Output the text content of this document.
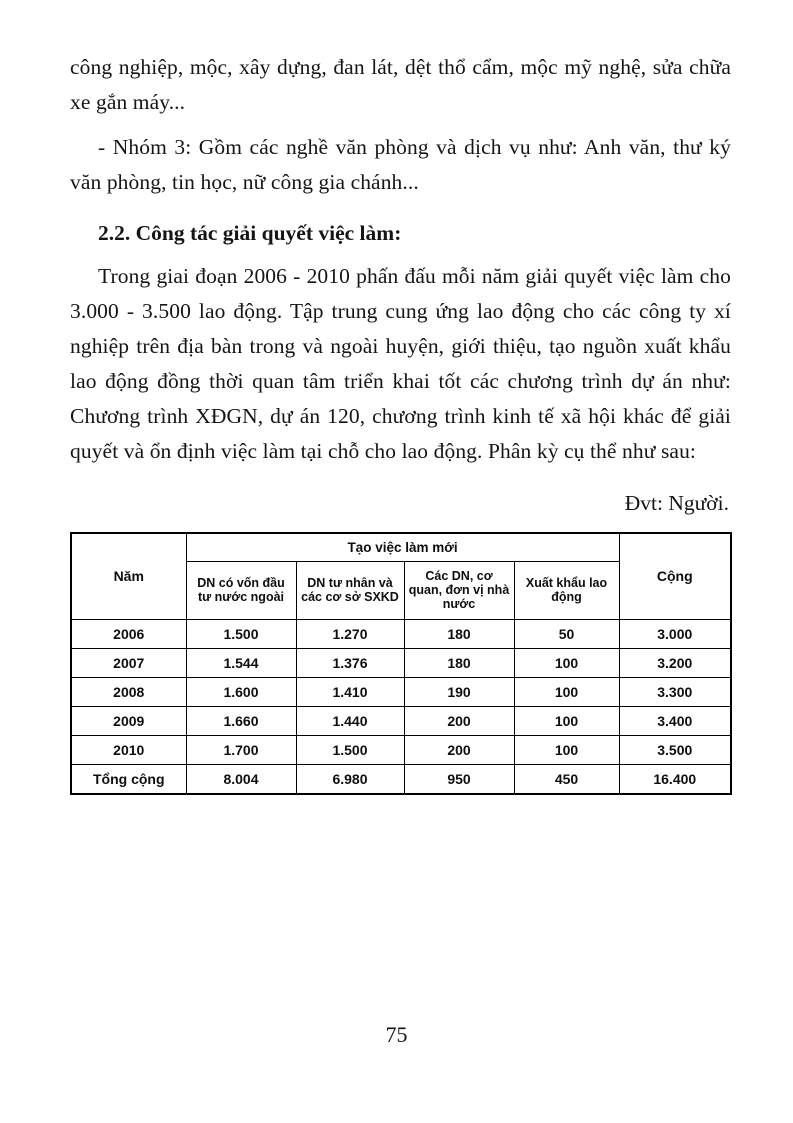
công nghiệp, mộc, xây dựng, đan lát, dệt thổ cẩm, mộc mỹ nghệ, sửa chữa xe gắn máy...

- Nhóm 3: Gồm các nghề văn phòng và dịch vụ như: Anh văn, thư ký văn phòng, tin học, nữ công gia chánh...

2.2. Công tác giải quyết việc làm:

Trong giai đoạn 2006 - 2010 phấn đấu mỗi năm giải quyết việc làm cho 3.000 - 3.500 lao động. Tập trung cung ứng lao động cho các công ty xí nghiệp trên địa bàn trong và ngoài huyện, giới thiệu, tạo nguồn xuất khẩu lao động đồng thời quan tâm triển khai tốt các chương trình dự án như: Chương trình XĐGN, dự án 120, chương trình kinh tế xã hội khác để giải quyết và ổn định việc làm tại chỗ cho lao động. Phân kỳ cụ thể như sau:

Đvt: Người.

Năm	Tạo việc làm mới				Cộng
	DN có vốn đầu tư nước ngoài	DN tư nhân và các cơ sở SXKD	Các DN, cơ quan, đơn vị nhà nước	Xuất khẩu lao động	
2006	1.500	1.270	180	50	3.000
2007	1.544	1.376	180	100	3.200
2008	1.600	1.410	190	100	3.300
2009	1.660	1.440	200	100	3.400
2010	1.700	1.500	200	100	3.500
Tổng cộng	8.004	6.980	950	450	16.400
75
